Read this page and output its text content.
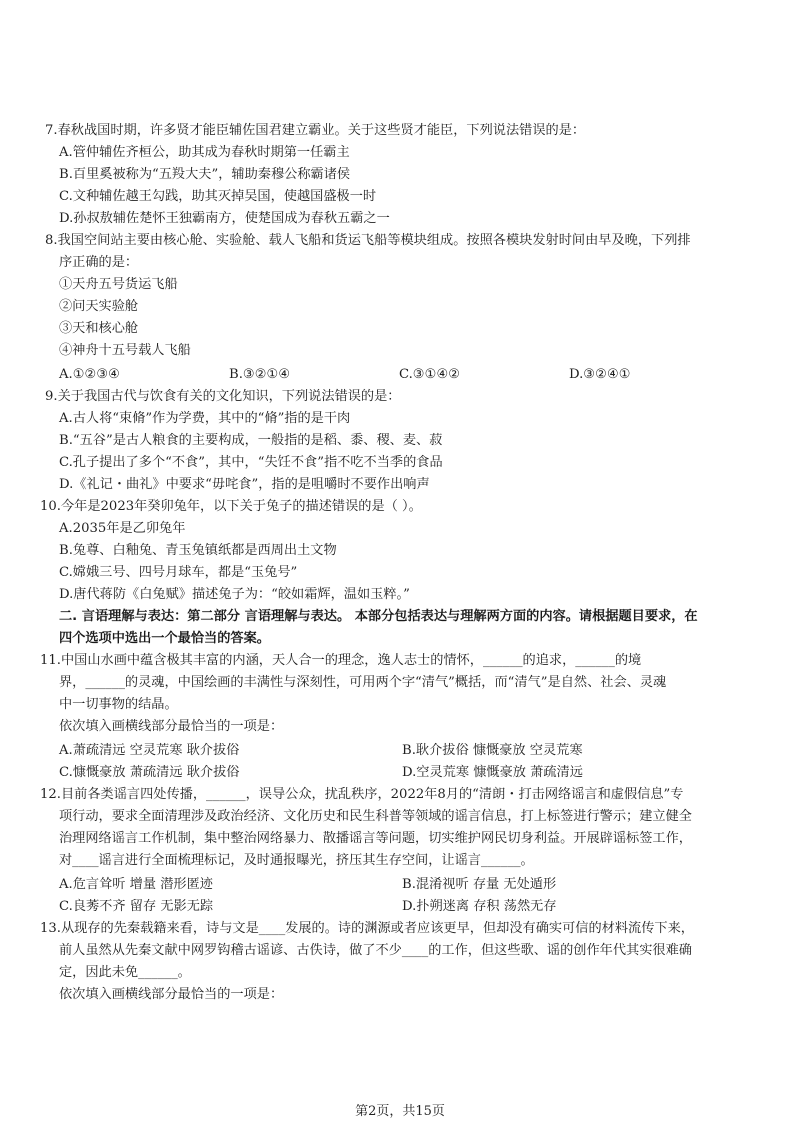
7.春秋战国时期，许多贤才能臣辅佐国君建立霸业。关于这些贤才能臣，下列说法错误的是：

A.管仲辅佐齐桓公，助其成为春秋时期第一任霸主

B.百里奚被称为“五羖大夫”，辅助秦穆公称霸诸侯

C.文种辅佐越王勾践，助其灭掉吴国，使越国盛极一时

D.孙叔敖辅佐楚怀王独霸南方，使楚国成为春秋五霸之一

8.我国空间站主要由核心舱、实验舱、载人飞船和货运飞船等模块组成。按照各模块发射时间由早及晚，下列排

序正确的是：

①天舟五号货运飞船

②问天实验舱

③天和核心舱

④神舟十五号载人飞船

A.①②③④	B.③②①④	C.③①④②	D.③②④①

9.关于我国古代与饮食有关的文化知识，下列说法错误的是：

A.古人将“束脩”作为学费，其中的“脩”指的是干肉

B.“五谷”是古人粮食的主要构成，一般指的是稻、黍、稷、麦、菽

C.孔子提出了多个“不食”，其中，“失饪不食”指不吃不当季的食品

D.《礼记・曲礼》中要求“毋咤食”，指的是咀嚼时不要作出响声

10.今年是2023年癸卯兔年，以下关于兔子的描述错误的是（ ）。

A.2035年是乙卯兔年

B.兔尊、白釉兔、青玉兔镇纸都是西周出土文物

C.嫦娥三号、四号月球车，都是“玉兔号”

D.唐代蒋防《白兔赋》描述兔子为：“皎如霜辉，温如玉粹。”

二. 言语理解与表达：第二部分 言语理解与表达。 本部分包括表达与理解两方面的内容。请根据题目要求，在

四个选项中选出一个最恰当的答案。

11.中国山水画中蕴含极其丰富的内涵，天人合一的理念，逸人志士的情怀，______的追求，______的境

界，______的灵魂，中国绘画的丰满性与深刻性，可用两个字“清气”概括，而“清气”是自然、社会、灵魂

中一切事物的结晶。

依次填入画横线部分最恰当的一项是：

A.萧疏清远 空灵荒寒 耿介拔俗	B.耿介拔俗 慷慨豪放 空灵荒寒
C.慷慨豪放 萧疏清远 耿介拔俗	D.空灵荒寒 慷慨豪放 萧疏清远

12.目前各类谣言四处传播，______，误导公众，扰乱秩序，2022年8月的“清朗・打击网络谣言和虚假信息”专

项行动，要求全面清理涉及政治经济、文化历史和民生科普等领域的谣言信息，打上标签进行警示；建立健全

治理网络谣言工作机制，集中整治网络暴力、散播谣言等问题，切实维护网民切身利益。开展辟谣标签工作，

对____谣言进行全面梳理标记，及时通报曝光，挤压其生存空间，让谣言______。

A.危言耸听 增量 潜形匿迹	B.混淆视听 存量 无处遁形
C.良莠不齐 留存 无影无踪	D.扑朔迷离 存积 荡然无存

13.从现存的先秦载籍来看，诗与文是____发展的。诗的渊源或者应该更早，但却没有确实可信的材料流传下来，

前人虽然从先秦文献中网罗钩稽古谣谚、古佚诗，做了不少____的工作，但这些歌、谣的创作年代其实很难确

定，因此未免______。

依次填入画横线部分最恰当的一项是：

第2页，共15页
